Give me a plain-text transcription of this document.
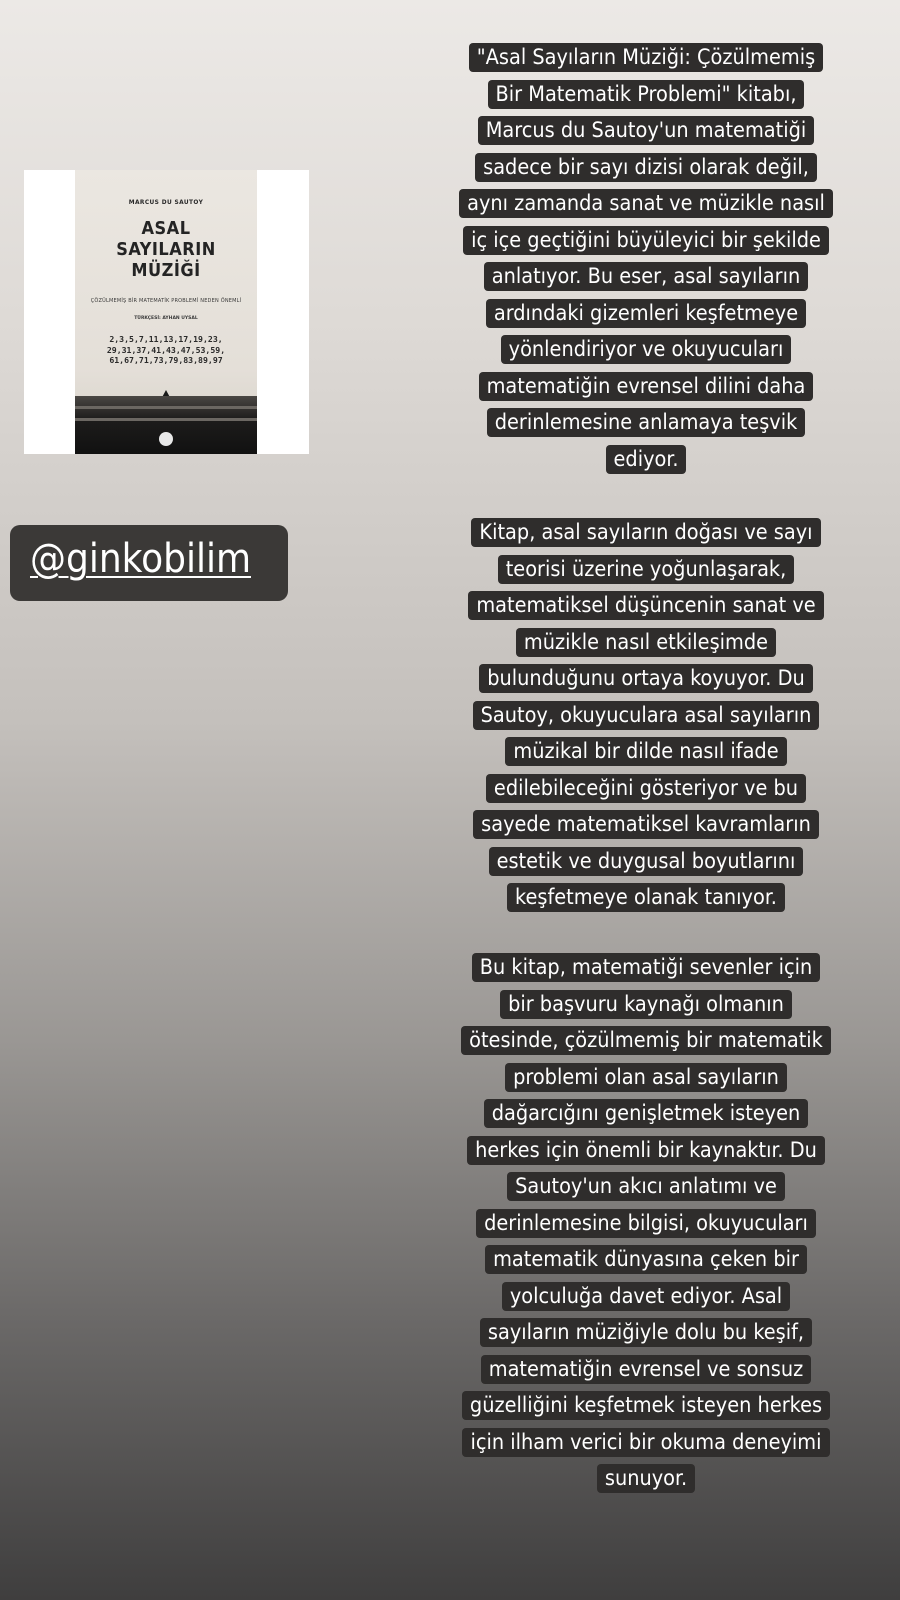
MARCUS DU SAUTOY
ASAL
SAYILARIN
MÜZİĞİ
ÇÖZÜLMEMİŞ BİR MATEMATİK PROBLEMİ NEDEN ÖNEMLİ
TÜRKÇESİ: AYHAN UYSAL
2,3,5,7,11,13,17,19,23,
29,31,37,41,43,47,53,59,
61,67,71,73,79,83,89,97
@ginkobilim
"Asal Sayıların Müziği: Çözülmemiş
Bir Matematik Problemi" kitabı,
Marcus du Sautoy'un matematiği
sadece bir sayı dizisi olarak değil,
aynı zamanda sanat ve müzikle nasıl
iç içe geçtiğini büyüleyici bir şekilde
anlatıyor. Bu eser, asal sayıların
ardındaki gizemleri keşfetmeye
yönlendiriyor ve okuyucuları
matematiğin evrensel dilini daha
derinlemesine anlamaya teşvik
ediyor.
Kitap, asal sayıların doğası ve sayı
teorisi üzerine yoğunlaşarak,
matematiksel düşüncenin sanat ve
müzikle nasıl etkileşimde
bulunduğunu ortaya koyuyor. Du
Sautoy, okuyuculara asal sayıların
müzikal bir dilde nasıl ifade
edilebileceğini gösteriyor ve bu
sayede matematiksel kavramların
estetik ve duygusal boyutlarını
keşfetmeye olanak tanıyor.
Bu kitap, matematiği sevenler için
bir başvuru kaynağı olmanın
ötesinde, çözülmemiş bir matematik
problemi olan asal sayıların
dağarcığını genişletmek isteyen
herkes için önemli bir kaynaktır. Du
Sautoy'un akıcı anlatımı ve
derinlemesine bilgisi, okuyucuları
matematik dünyasına çeken bir
yolculuğa davet ediyor. Asal
sayıların müziğiyle dolu bu keşif,
matematiğin evrensel ve sonsuz
güzelliğini keşfetmek isteyen herkes
için ilham verici bir okuma deneyimi
sunuyor.
